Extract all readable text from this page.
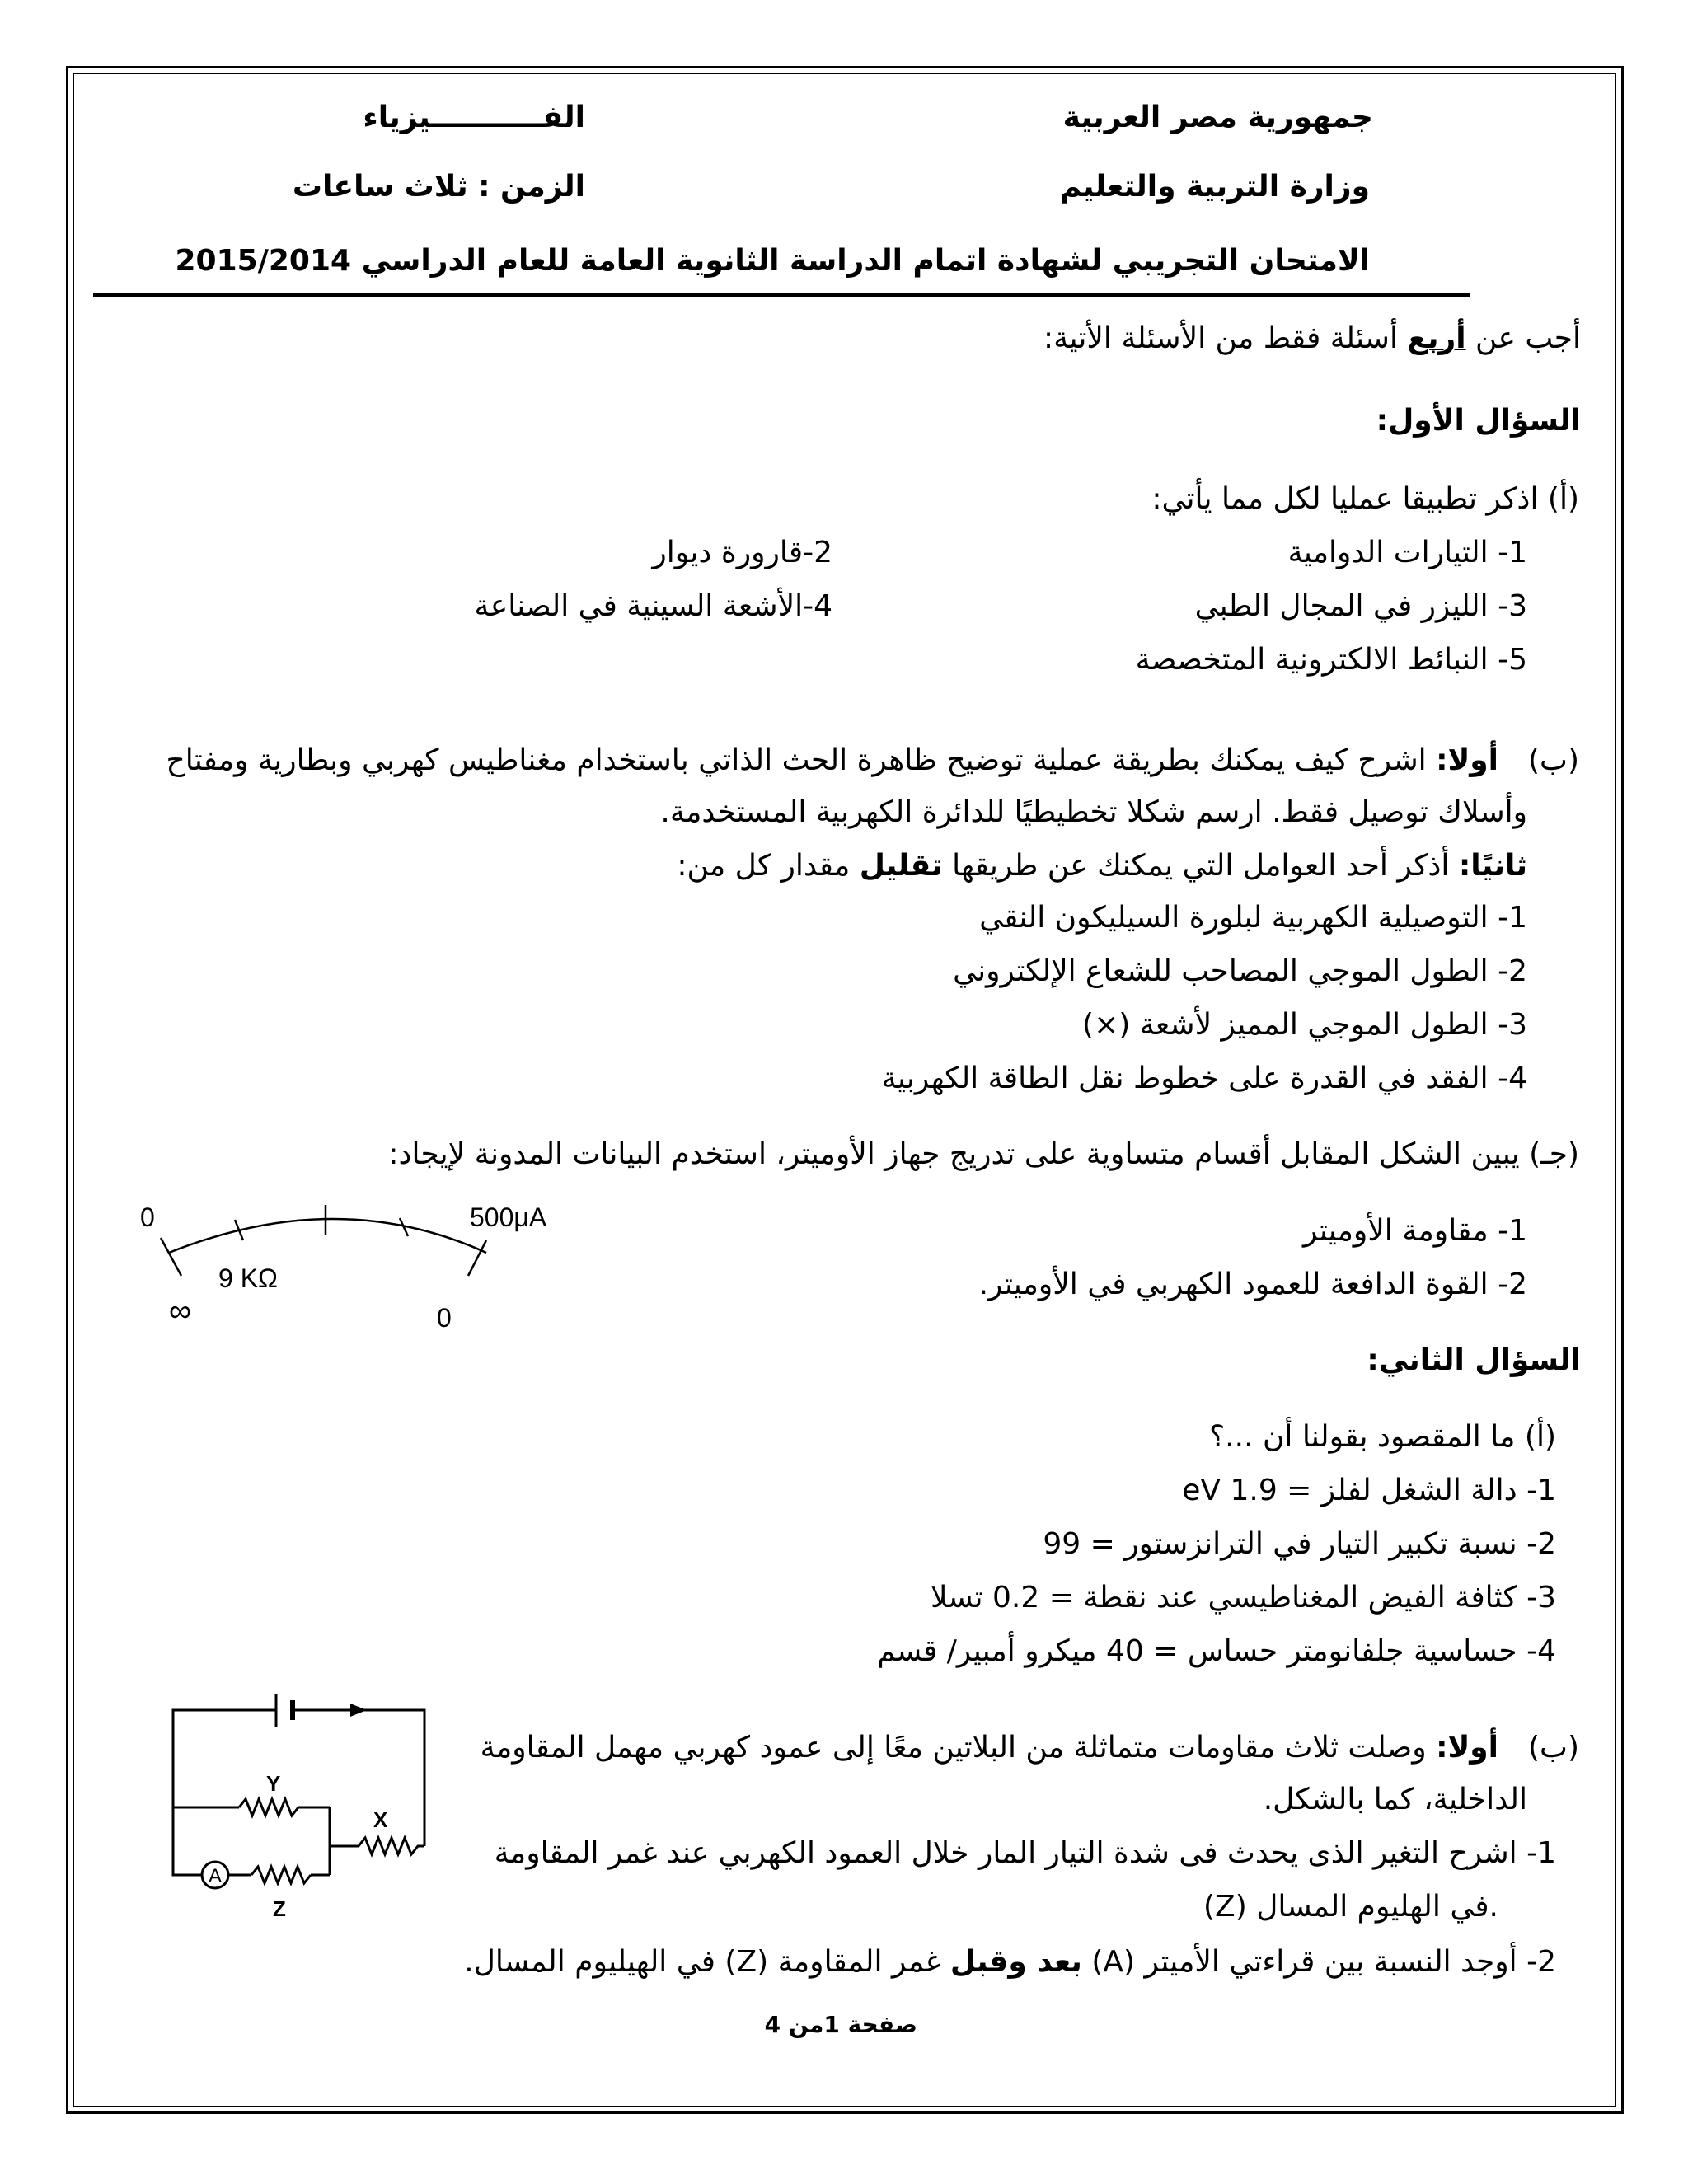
جمهورية مصر العربية
الفـــــــــــيزياء
وزارة التربية والتعليم
الزمن : ثلاث ساعات
الامتحان التجريبي لشهادة اتمام الدراسة الثانوية العامة للعام الدراسي 2015/2014
أجب عن أربع أسئلة فقط من الأسئلة الأتية:
السؤال الأول:
(أ) اذكر تطبيقا عمليا لكل مما يأتي:
1- التيارات الدوامية
2-قارورة ديوار
3- الليزر في المجال الطبي
4-الأشعة السينية في الصناعة
5- النبائط الالكترونية المتخصصة
(ب)
أولا: اشرح كيف يمكنك بطريقة عملية توضيح ظاهرة الحث الذاتي باستخدام مغناطيس كهربي وبطارية ومفتاح
وأسلاك توصيل فقط. ارسم شكلا تخطيطيًا للدائرة الكهربية المستخدمة.
ثانيًا: أذكر أحد العوامل التي يمكنك عن طريقها تقليل مقدار كل من:
1- التوصيلية الكهربية لبلورة السيليكون النقي
2- الطول الموجي المصاحب للشعاع الإلكتروني
3- الطول الموجي المميز لأشعة (×)
4- الفقد في القدرة على خطوط نقل الطاقة الكهربية
(جـ) يبين الشكل المقابل أقسام متساوية على تدريج جهاز الأوميتر، استخدم البيانات المدونة لإيجاد:
1- مقاومة الأوميتر
2- القوة الدافعة للعمود الكهربي في الأوميتر.
0	500μA
9 KΩ
∞	0
السؤال الثاني:
(أ) ما المقصود بقولنا أن ...؟
1- دالة الشغل لفلز = 1.9 eV
2- نسبة تكبير التيار في الترانزستور = 99
3- كثافة الفيض المغناطيسي عند نقطة = 0.2 تسلا
4- حساسية جلفانومتر حساس = 40 ميكرو أمبير/ قسم
(ب)
أولا: وصلت ثلاث مقاومات متماثلة من البلاتين معًا إلى عمود كهربي مهمل المقاومة
الداخلية، كما بالشكل.
1- اشرح التغير الذى يحدث فى شدة التيار المار خلال العمود الكهربي عند غمر المقاومة
(Z) في الهليوم المسال.
2- أوجد النسبة بين قراءتي الأميتر (A) بعد وقبل غمر المقاومة (Z) في الهيليوم المسال.
A
Y
X
Z
صفحة 1من 4
